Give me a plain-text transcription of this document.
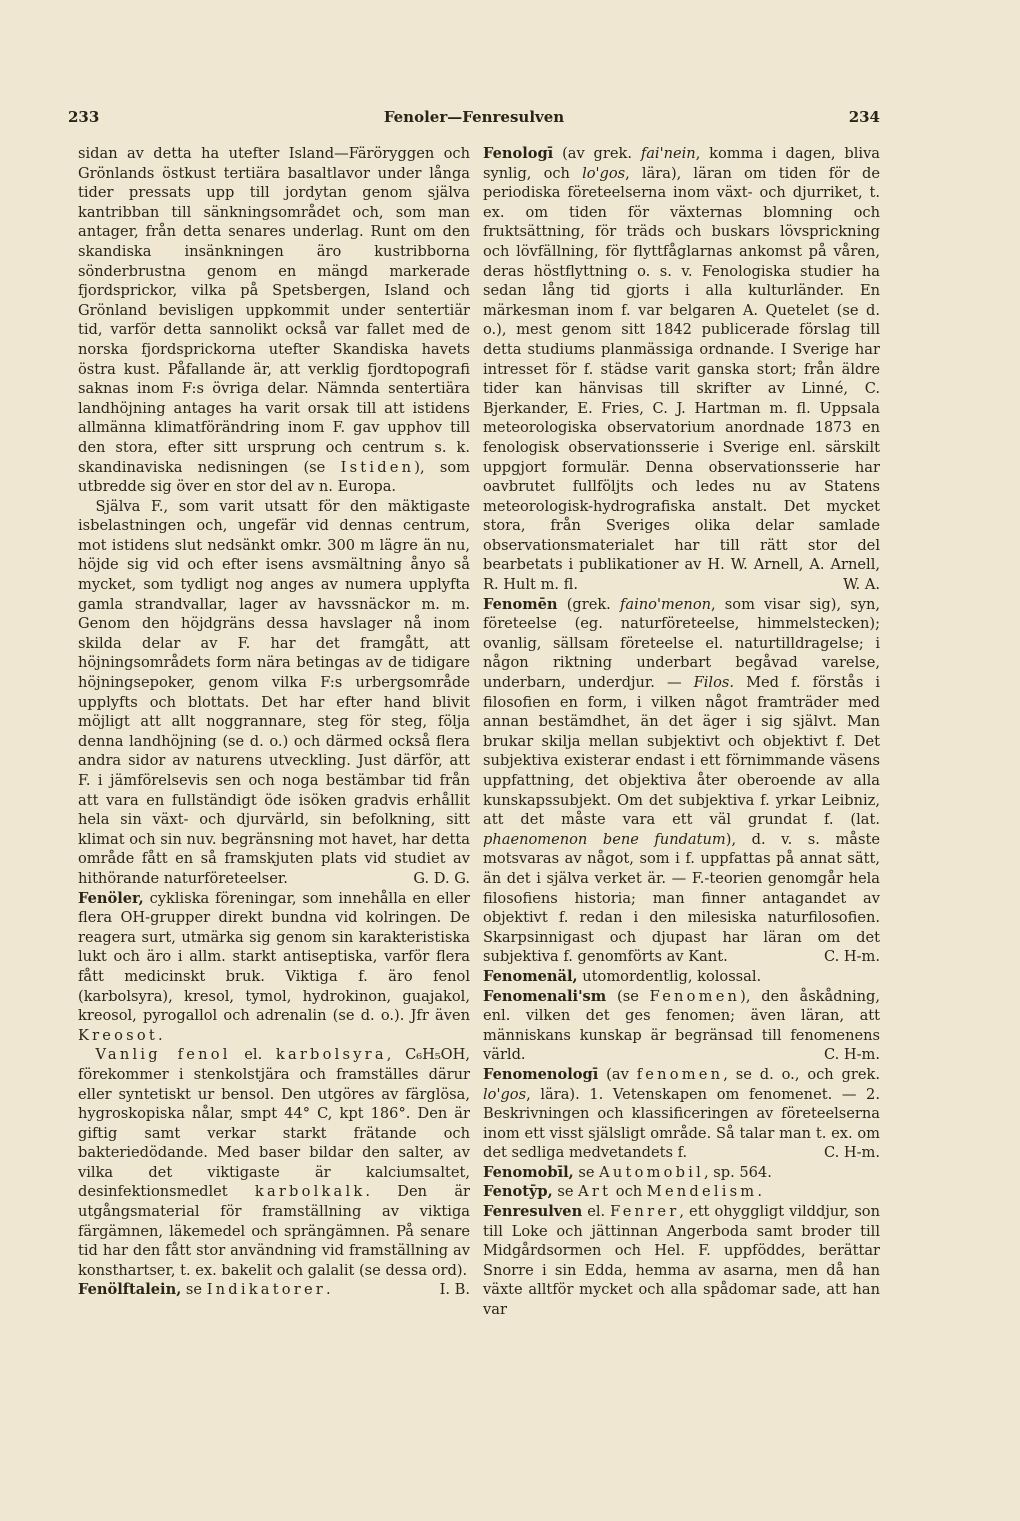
233	Fenoler—Fenresulven	234

sidan av detta ha utefter Island—Färöryggen och Grönlands östkust tertiära basaltlavor under långa tider pressats upp till jordytan genom själva kantribban till sänkningsområdet och, som man antager, från detta senares underlag. Runt om den skandiska insänkningen äro kustribborna sönderbrustna genom en mängd markerade fjordsprickor, vilka på Spetsbergen, Island och Grönland bevisligen uppkommit under sentertiär tid, varför detta sannolikt också var fallet med de norska fjordsprickorna utefter Skandiska havets östra kust. Påfallande är, att verklig fjordtopografi saknas inom F:s övriga delar. Nämnda sentertiära landhöjning antages ha varit orsak till att istidens allmänna klimatförändring inom F. gav upphov till den stora, efter sitt ursprung och centrum s. k. skandinaviska nedisningen (se Istiden), som utbredde sig över en stor del av n. Europa.

Själva F., som varit utsatt för den mäktigaste isbelastningen och, ungefär vid dennas centrum, mot istidens slut nedsänkt omkr. 300 m lägre än nu, höjde sig vid och efter isens avsmältning ånyo så mycket, som tydligt nog anges av numera upplyfta gamla strandvallar, lager av havssnäckor m. m. Genom den höjdgräns dessa havslager nå inom skilda delar av F. har det framgått, att höjningsområdets form nära betingas av de tidigare höjningsepoker, genom vilka F:s urbergsområde upplyfts och blottats. Det har efter hand blivit möjligt att allt noggrannare, steg för steg, följa denna landhöjning (se d. o.) och därmed också flera andra sidor av naturens utveckling. Just därför, att F. i jämförelsevis sen och noga bestämbar tid från att vara en fullständigt öde isöken gradvis erhållit hela sin växt- och djurvärld, sin befolkning, sitt klimat och sin nuv. begränsning mot havet, har detta område fått en så framskjuten plats vid studiet av hithörande naturföreteelser.	G. D. G.

Fenöler, cykliska föreningar, som innehålla en eller flera OH-grupper direkt bundna vid kolringen. De reagera surt, utmärka sig genom sin karakteristiska lukt och äro i allm. starkt antiseptiska, varför flera fått medicinskt bruk. Viktiga f. äro fenol (karbolsyra), kresol, tymol, hydrokinon, guajakol, kreosol, pyrogallol och adrenalin (se d. o.). Jfr även Kreosot.

Vanlig fenol el. karbolsyra, C₆H₅OH, förekommer i stenkolstjära och framställes därur eller syntetiskt ur bensol. Den utgöres av färglösa, hygroskopiska nålar, smpt 44° C, kpt 186°. Den är giftig samt verkar starkt frätande och bakteriedödande. Med baser bildar den salter, av vilka det viktigaste är kalciumsaltet, desinfektionsmedlet karbolkalk. Den är utgångsmaterial för framställning av viktiga färgämnen, läkemedel och sprängämnen. På senare tid har den fått stor användning vid framställning av konsthartser, t. ex. bakelit och galalit (se dessa ord).
I. B.

Fenölftalein, se Indikatorer.

Fenologī (av grek. fai'nein, komma i dagen, bliva synlig, och lo'gos, lära), läran om tiden för de periodiska företeelserna inom växt- och djurriket, t. ex. om tiden för växternas blomning och fruktsättning, för träds och buskars lövsprickning och lövfällning, för flyttfåglarnas ankomst på våren, deras höstflyttning o. s. v. Fenologiska studier ha sedan lång tid gjorts i alla kulturländer. En märkesman inom f. var belgaren A. Quetelet (se d. o.), mest genom sitt 1842 publicerade förslag till detta studiums planmässiga ordnande. I Sverige har intresset för f. städse varit ganska stort; från äldre tider kan hänvisas till skrifter av Linné, C. Bjerkander, E. Fries, C. J. Hartman m. fl. Uppsala meteorologiska observatorium anordnade 1873 en fenologisk observationsserie i Sverige enl. särskilt uppgjort formulär. Denna observationsserie har oavbrutet fullföljts och ledes nu av Statens meteorologisk-hydrografiska anstalt. Det mycket stora, från Sveriges olika delar samlade observationsmaterialet har till rätt stor del bearbetats i publikationer av H. W. Arnell, A. Arnell, R. Hult m. fl.	W. A.

Fenomēn (grek. faino'menon, som visar sig), syn, företeelse (eg. naturföreteelse, himmelstecken); ovanlig, sällsam företeelse el. naturtilldragelse; i någon riktning underbart begåvad varelse, underbarn, underdjur. — Filos. Med f. förstås i filosofien en form, i vilken något framträder med annan bestämdhet, än det äger i sig självt. Man brukar skilja mellan subjektivt och objektivt f. Det subjektiva existerar endast i ett förnimmande väsens uppfattning, det objektiva åter oberoende av alla kunskapssubjekt. Om det subjektiva f. yrkar Leibniz, att det måste vara ett väl grundat f. (lat. phaenomenon bene fundatum), d. v. s. måste motsvaras av något, som i f. uppfattas på annat sätt, än det i själva verket är. — F.-teorien genomgår hela filosofiens historia; man finner antagandet av objektivt f. redan i den milesiska naturfilosofien. Skarpsinnigast och djupast har läran om det subjektiva f. genomförts av Kant.	C. H-m.

Fenomenäl, utomordentlig, kolossal.

Fenomenali'sm (se Fenomen), den åskådning, enl. vilken det ges fenomen; även läran, att människans kunskap är begränsad till fenomenens värld.	C. H-m.

Fenomenologī (av fenomen, se d. o., och grek. lo'gos, lära). 1. Vetenskapen om fenomenet. — 2. Beskrivningen och klassificeringen av företeelserna inom ett visst själsligt område. Så talar man t. ex. om det sedliga medvetandets f.	C. H-m.

Fenomobīl, se Automobil, sp. 564.

Fenotȳp, se Art och Mendelism.

Fenresulven el. Fenrer, ett ohyggligt vilddjur, son till Loke och jättinnan Angerboda samt broder till Midgårdsormen och Hel. F. uppföddes, berättar Snorre i sin Edda, hemma av asarna, men då han växte alltför mycket och alla spådomar sade, att han var
